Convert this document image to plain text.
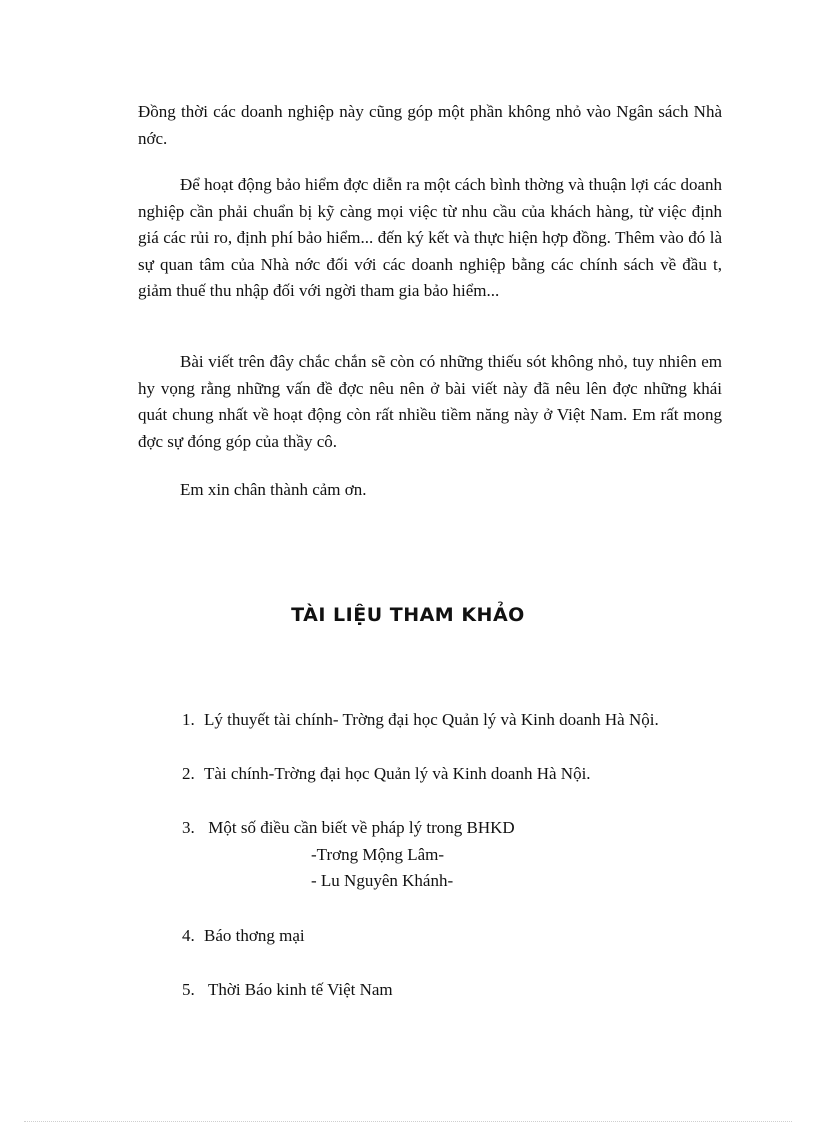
Đồng thời các doanh nghiệp này cũng góp một phần không nhỏ vào Ngân sách Nhà nớc.

Để hoạt động bảo hiểm đợc diễn ra một cách bình thờng và thuận lợi các doanh nghiệp cần phải chuẩn bị kỹ càng mọi việc từ nhu cầu của khách hàng, từ việc định giá các rủi ro, định phí bảo hiểm... đến ký kết và thực hiện hợp đồng. Thêm vào đó là sự quan tâm của Nhà nớc đối với các doanh nghiệp bằng các chính sách về đầu t, giảm thuế thu nhập đối với ngời tham gia bảo hiểm...

Bài viết trên đây chắc chắn sẽ còn có những thiếu sót không nhỏ, tuy nhiên em hy vọng rằng những vấn đề đợc nêu nên ở bài viết này đã nêu lên đợc những khái quát chung nhất về hoạt động còn rất nhiều tiềm năng này ở Việt Nam. Em rất mong đợc sự đóng góp của thầy cô.

Em xin chân thành cảm ơn.

TÀI LIỆU THAM KHẢO

1. Lý thuyết tài chính- Trờng đại học Quản lý và Kinh doanh Hà Nội.

2. Tài chính-Trờng đại học Quản lý và Kinh doanh Hà Nội.

3. Một số điều cần biết về pháp lý trong BHKD

-Trơng Mộng Lâm-

- Lu Nguyên Khánh-

4. Báo thơng mại

5. Thời Báo kinh tế Việt Nam
